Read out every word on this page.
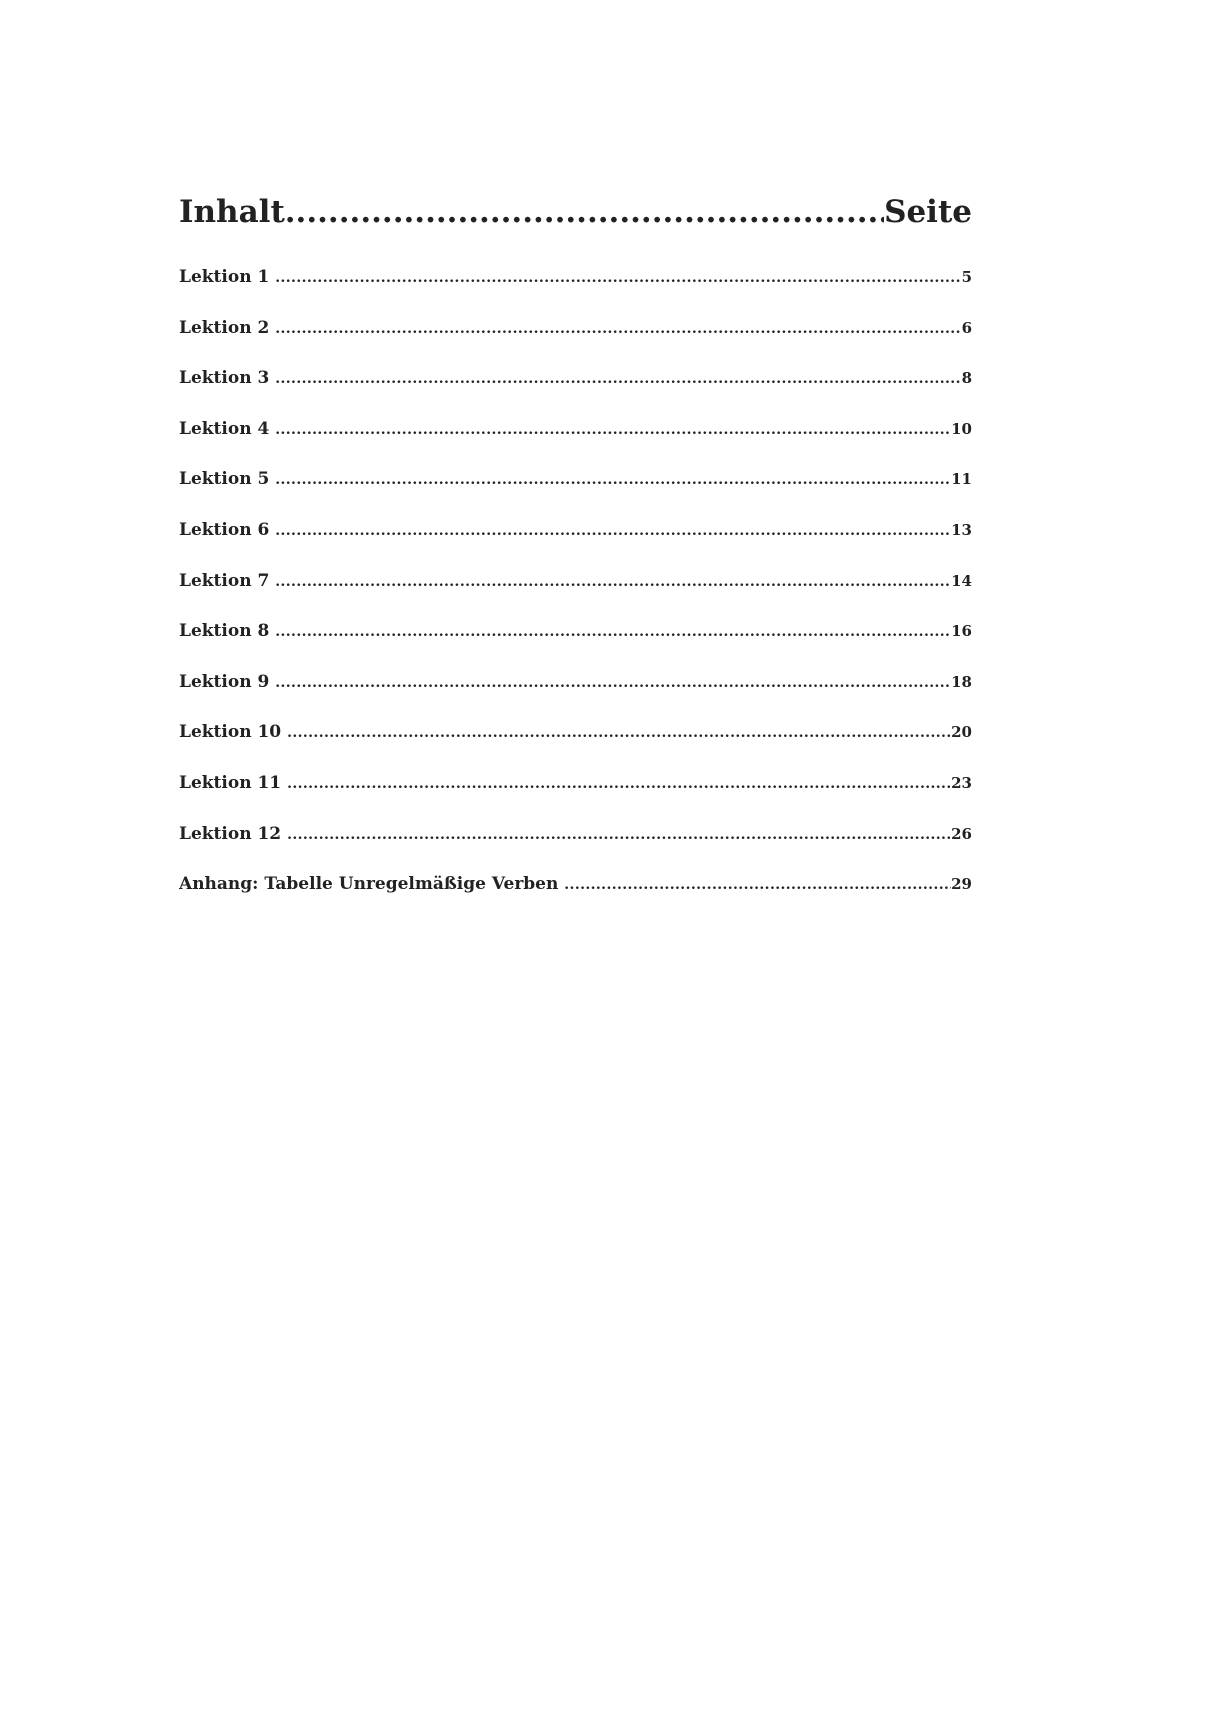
Inhalt .....	Seite
Lektion 1 .....	5
Lektion 2 .....	6
Lektion 3 .....	8
Lektion 4 .....	10
Lektion 5 .....	11
Lektion 6 .....	13
Lektion 7 .....	14
Lektion 8 .....	16
Lektion 9 .....	18
Lektion 10 .....	20
Lektion 11 .....	23
Lektion 12 .....	26
Anhang: Tabelle Unregelmäßige Verben .....	29
